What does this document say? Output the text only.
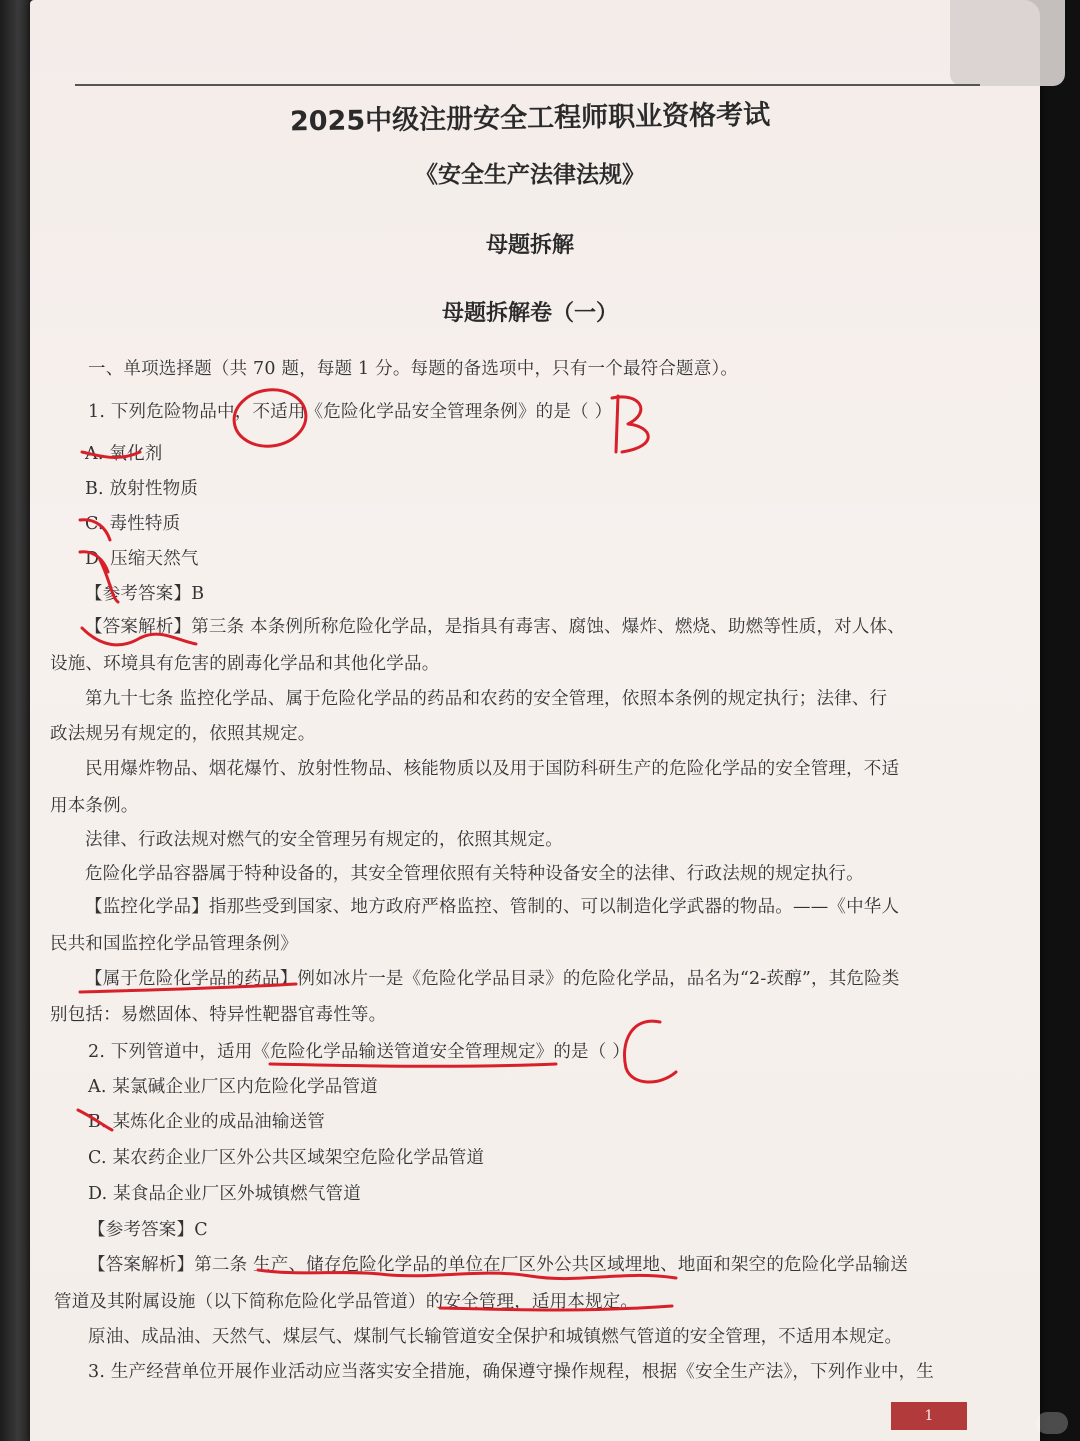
2025中级注册安全工程师职业资格考试
《安全生产法律法规》
母题拆解
母题拆解卷（一）
一、单项选择题（共 70 题，每题 1 分。每题的备选项中，只有一个最符合题意）。
1. 下列危险物品中，不适用《危险化学品安全管理条例》的是（ ）
A. 氧化剂
B. 放射性物质
C. 毒性特质
D. 压缩天然气
【参考答案】B
【答案解析】第三条 本条例所称危险化学品，是指具有毒害、腐蚀、爆炸、燃烧、助燃等性质，对人体、
设施、环境具有危害的剧毒化学品和其他化学品。
第九十七条 监控化学品、属于危险化学品的药品和农药的安全管理，依照本条例的规定执行；法律、行
政法规另有规定的，依照其规定。
民用爆炸物品、烟花爆竹、放射性物品、核能物质以及用于国防科研生产的危险化学品的安全管理，不适
用本条例。
法律、行政法规对燃气的安全管理另有规定的，依照其规定。
危险化学品容器属于特种设备的，其安全管理依照有关特种设备安全的法律、行政法规的规定执行。
【监控化学品】指那些受到国家、地方政府严格监控、管制的、可以制造化学武器的物品。——《中华人
民共和国监控化学品管理条例》
【属于危险化学品的药品】例如冰片一是《危险化学品目录》的危险化学品，品名为“2-莰醇”，其危险类
别包括：易燃固体、特异性靶器官毒性等。
2. 下列管道中，适用《危险化学品输送管道安全管理规定》的是（ ）
A. 某氯碱企业厂区内危险化学品管道
B. 某炼化企业的成品油输送管
C. 某农药企业厂区外公共区域架空危险化学品管道
D. 某食品企业厂区外城镇燃气管道
【参考答案】C
【答案解析】第二条 生产、储存危险化学品的单位在厂区外公共区域埋地、地面和架空的危险化学品输送
管道及其附属设施（以下简称危险化学品管道）的安全管理，适用本规定。
原油、成品油、天然气、煤层气、煤制气长输管道安全保护和城镇燃气管道的安全管理，不适用本规定。
3. 生产经营单位开展作业活动应当落实安全措施，确保遵守操作规程，根据《安全生产法》，下列作业中，生
1
